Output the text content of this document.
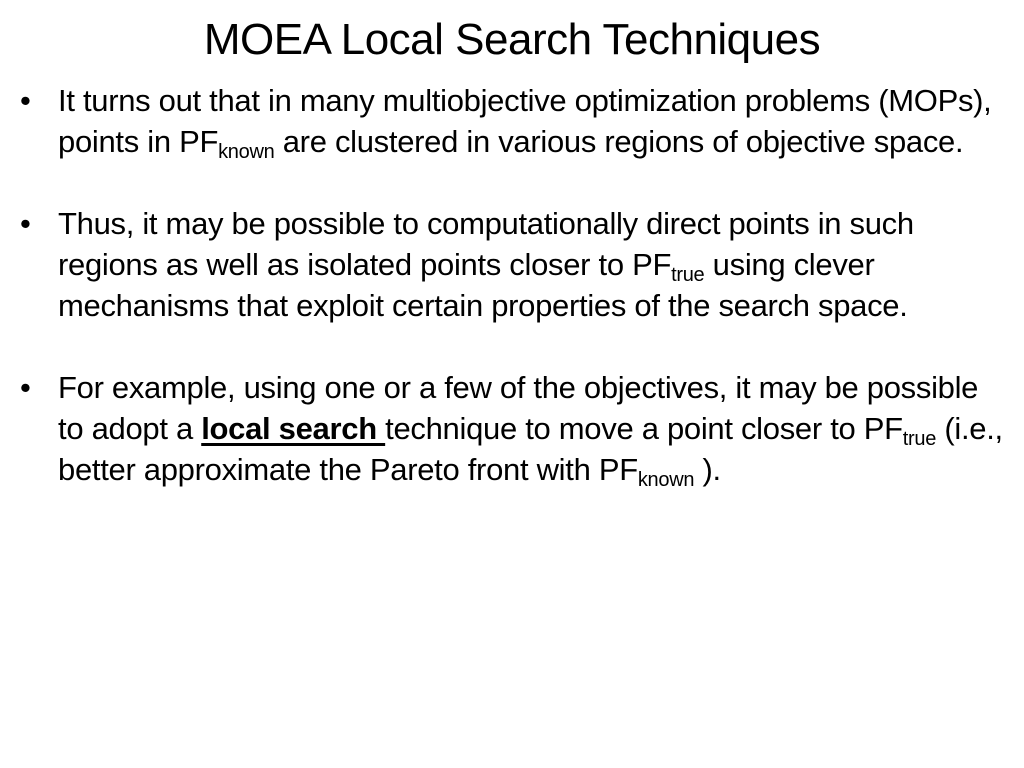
MOEA Local Search Techniques
• It turns out that in many multiobjective optimization problems (MOPs), points in $PF_{known}$ are clustered in various regions of objective space.
• Thus, it may be possible to computationally direct points in such regions as well as isolated points closer to $PF_{true}$ using clever mechanisms that exploit certain properties of the search space.
• For example, using one or a few of the objectives, it may be possible to adopt a local search technique to move a point closer to $PF_{true}$ (i.e., better approximate the Pareto front with $PF_{known}$ ).
